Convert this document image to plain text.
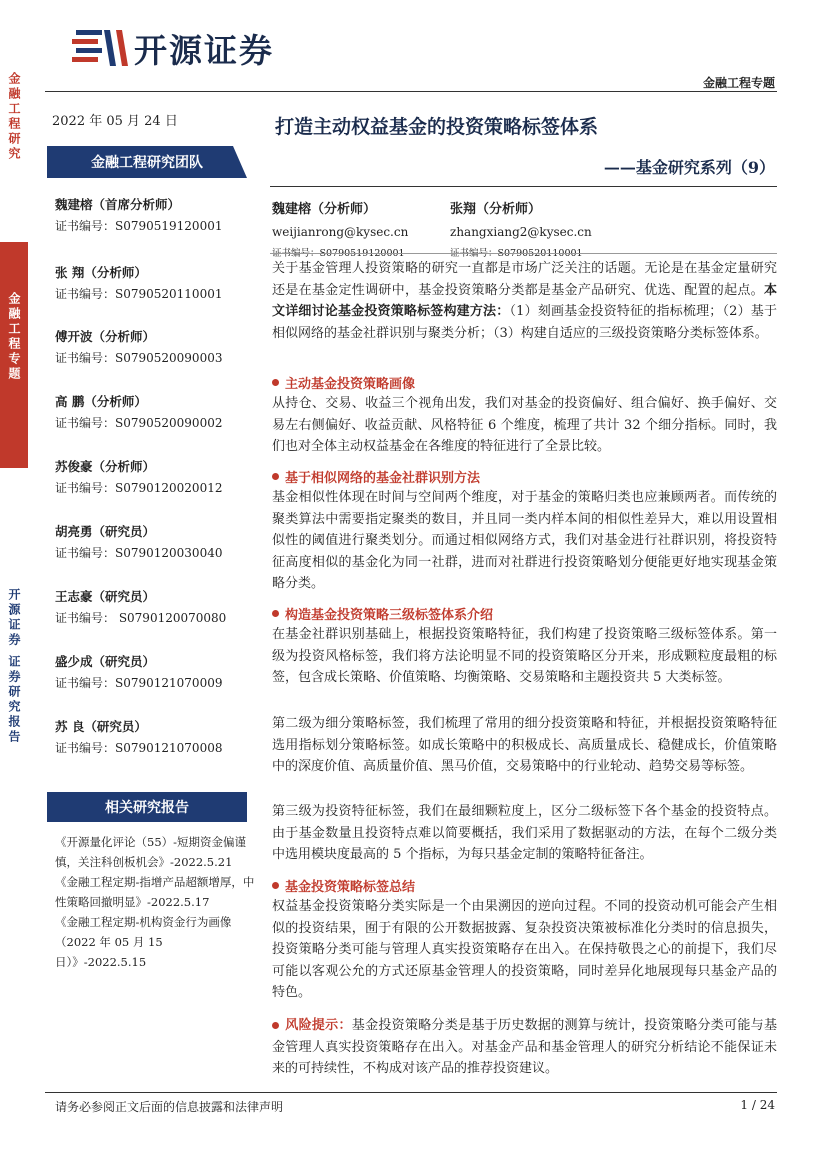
开源证券
金融工程专题
金融工程研究
金融工程专题
开源证券 证券研究报告
2022 年 05 月 24 日
金融工程研究团队
魏建榕（首席分析师）
证书编号：S0790519120001
张 翔（分析师）
证书编号：S0790520110001
傅开波（分析师）
证书编号：S0790520090003
高 鹏（分析师）
证书编号：S0790520090002
苏俊豪（分析师）
证书编号：S0790120020012
胡亮勇（研究员）
证书编号：S0790120030040
王志豪（研究员）
证书编号： S0790120070080
盛少成（研究员）
证书编号：S0790121070009
苏 良（研究员）
证书编号：S0790121070008
相关研究报告
《开源量化评论（55）-短期资金偏谨慎，关注科创板机会》-2022.5.21
《金融工程定期-指增产品超额增厚，中性策略回撤明显》-2022.5.17
《金融工程定期-机构资金行为画像（2022 年 05 月 15 日）》-2022.5.15
打造主动权益基金的投资策略标签体系
——基金研究系列（9）
魏建榕（分析师）
weijianrong@kysec.cn
张翔（分析师）
zhangxiang2@kysec.cn
关于基金管理人投资策略的研究一直都是市场广泛关注的话题。无论是在基金定量研究还是在基金定性调研中，基金投资策略分类都是基金产品研究、优选、配置的起点。本文详细讨论基金投资策略标签构建方法：（1）刻画基金投资特征的指标梳理；（2）基于相似网络的基金社群识别与聚类分析；（3）构建自适应的三级投资策略分类标签体系。
主动基金投资策略画像
从持仓、交易、收益三个视角出发，我们对基金的投资偏好、组合偏好、换手偏好、交易左右侧偏好、收益贡献、风格特征 6 个维度，梳理了共计 32 个细分指标。同时，我们也对全体主动权益基金在各维度的特征进行了全景比较。
基于相似网络的基金社群识别方法
基金相似性体现在时间与空间两个维度，对于基金的策略归类也应兼顾两者。而传统的聚类算法中需要指定聚类的数目，并且同一类内样本间的相似性差异大，难以用设置相似性的阈值进行聚类划分。而通过相似网络方式，我们对基金进行社群识别，将投资特征高度相似的基金化为同一社群，进而对社群进行投资策略划分便能更好地实现基金策略分类。
构造基金投资策略三级标签体系介绍
在基金社群识别基础上，根据投资策略特征，我们构建了投资策略三级标签体系。第一级为投资风格标签，我们将方法论明显不同的投资策略区分开来，形成颗粒度最粗的标签，包含成长策略、价值策略、均衡策略、交易策略和主题投资共 5 大类标签。
第二级为细分策略标签，我们梳理了常用的细分投资策略和特征，并根据投资策略特征选用指标划分策略标签。如成长策略中的积极成长、高质量成长、稳健成长，价值策略中的深度价值、高质量价值、黑马价值，交易策略中的行业轮动、趋势交易等标签。
第三级为投资特征标签，我们在最细颗粒度上，区分二级标签下各个基金的投资特点。由于基金数量且投资特点难以简要概括，我们采用了数据驱动的方法，在每个二级分类中选用模块度最高的 5 个指标，为每只基金定制的策略特征备注。
基金投资策略标签总结
权益基金投资策略分类实际是一个由果溯因的逆向过程。不同的投资动机可能会产生相似的投资结果，囿于有限的公开数据披露、复杂投资决策被标准化分类时的信息损失，投资策略分类可能与管理人真实投资策略存在出入。在保持敬畏之心的前提下，我们尽可能以客观公允的方式还原基金管理人的投资策略，同时差异化地展现每只基金产品的特色。
风险提示：基金投资策略分类是基于历史数据的测算与统计，投资策略分类可能与基金管理人真实投资策略存在出入。对基金产品和基金管理人的研究分析结论不能保证未来的可持续性，不构成对该产品的推荐投资建议。
请务必参阅正文后面的信息披露和法律声明	1 / 24
